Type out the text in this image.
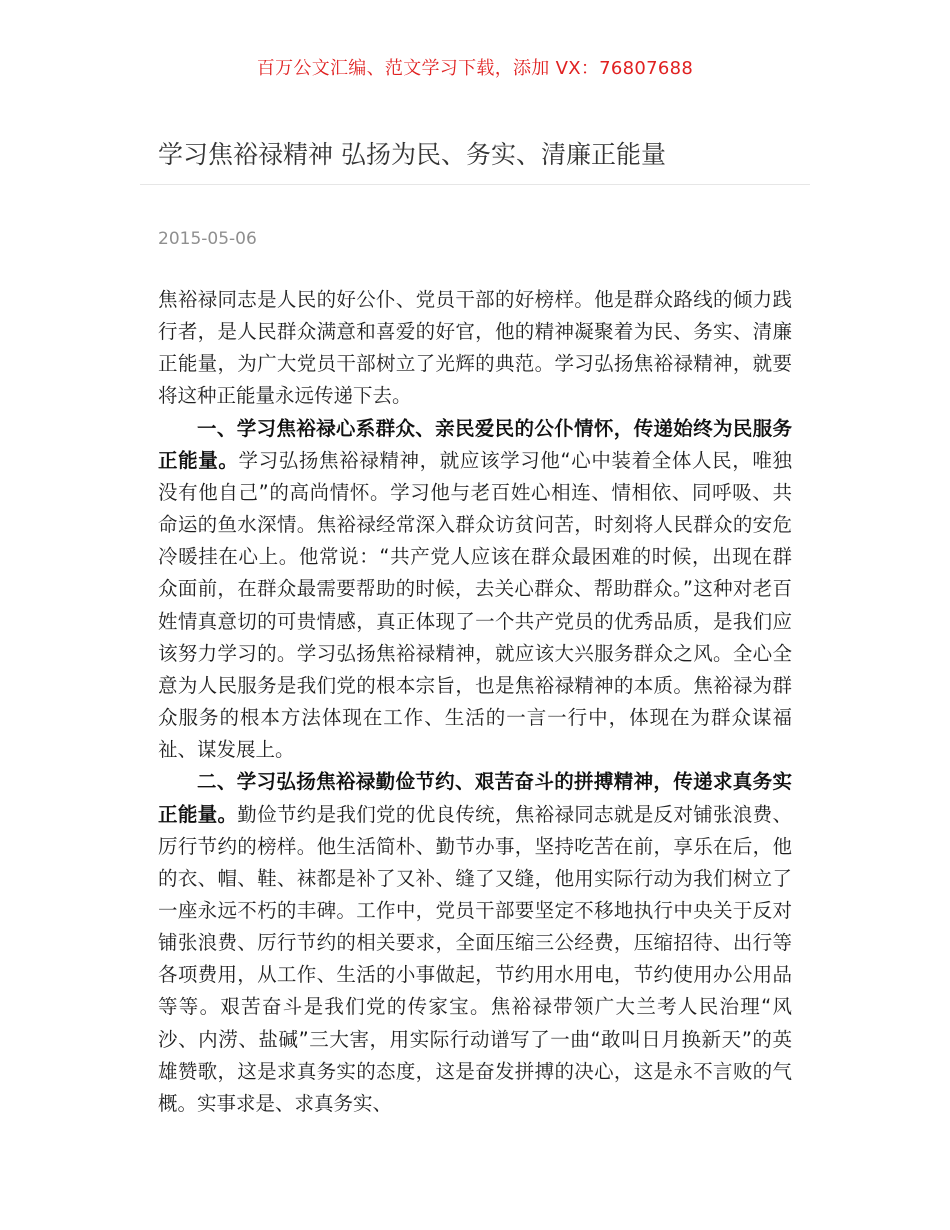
百万公文汇编、范文学习下载，添加 VX：76807688
学习焦裕禄精神 弘扬为民、务实、清廉正能量
2015-05-06

焦裕禄同志是人民的好公仆、党员干部的好榜样。他是群众路线的倾力践行者，是人民群众满意和喜爱的好官，他的精神凝聚着为民、务实、清廉正能量，为广大党员干部树立了光辉的典范。学习弘扬焦裕禄精神，就要将这种正能量永远传递下去。

一、学习焦裕禄心系群众、亲民爱民的公仆情怀，传递始终为民服务正能量。学习弘扬焦裕禄精神，就应该学习他“心中装着全体人民，唯独没有他自己”的高尚情怀。学习他与老百姓心相连、情相依、同呼吸、共命运的鱼水深情。焦裕禄经常深入群众访贫问苦，时刻将人民群众的安危冷暖挂在心上。他常说：“共产党人应该在群众最困难的时候，出现在群众面前，在群众最需要帮助的时候，去关心群众、帮助群众。”这种对老百姓情真意切的可贵情感，真正体现了一个共产党员的优秀品质，是我们应该努力学习的。学习弘扬焦裕禄精神，就应该大兴服务群众之风。全心全意为人民服务是我们党的根本宗旨，也是焦裕禄精神的本质。焦裕禄为群众服务的根本方法体现在工作、生活的一言一行中，体现在为群众谋福祉、谋发展上。

二、学习弘扬焦裕禄勤俭节约、艰苦奋斗的拼搏精神，传递求真务实正能量。勤俭节约是我们党的优良传统，焦裕禄同志就是反对铺张浪费、厉行节约的榜样。他生活简朴、勤节办事，坚持吃苦在前，享乐在后，他的衣、帽、鞋、袜都是补了又补、缝了又缝，他用实际行动为我们树立了一座永远不朽的丰碑。工作中，党员干部要坚定不移地执行中央关于反对铺张浪费、厉行节约的相关要求，全面压缩三公经费，压缩招待、出行等各项费用，从工作、生活的小事做起，节约用水用电，节约使用办公用品等等。艰苦奋斗是我们党的传家宝。焦裕禄带领广大兰考人民治理“风沙、内涝、盐碱”三大害，用实际行动谱写了一曲“敢叫日月换新天”的英雄赞歌，这是求真务实的态度，这是奋发拼搏的决心，这是永不言败的气概。实事求是、求真务实、
